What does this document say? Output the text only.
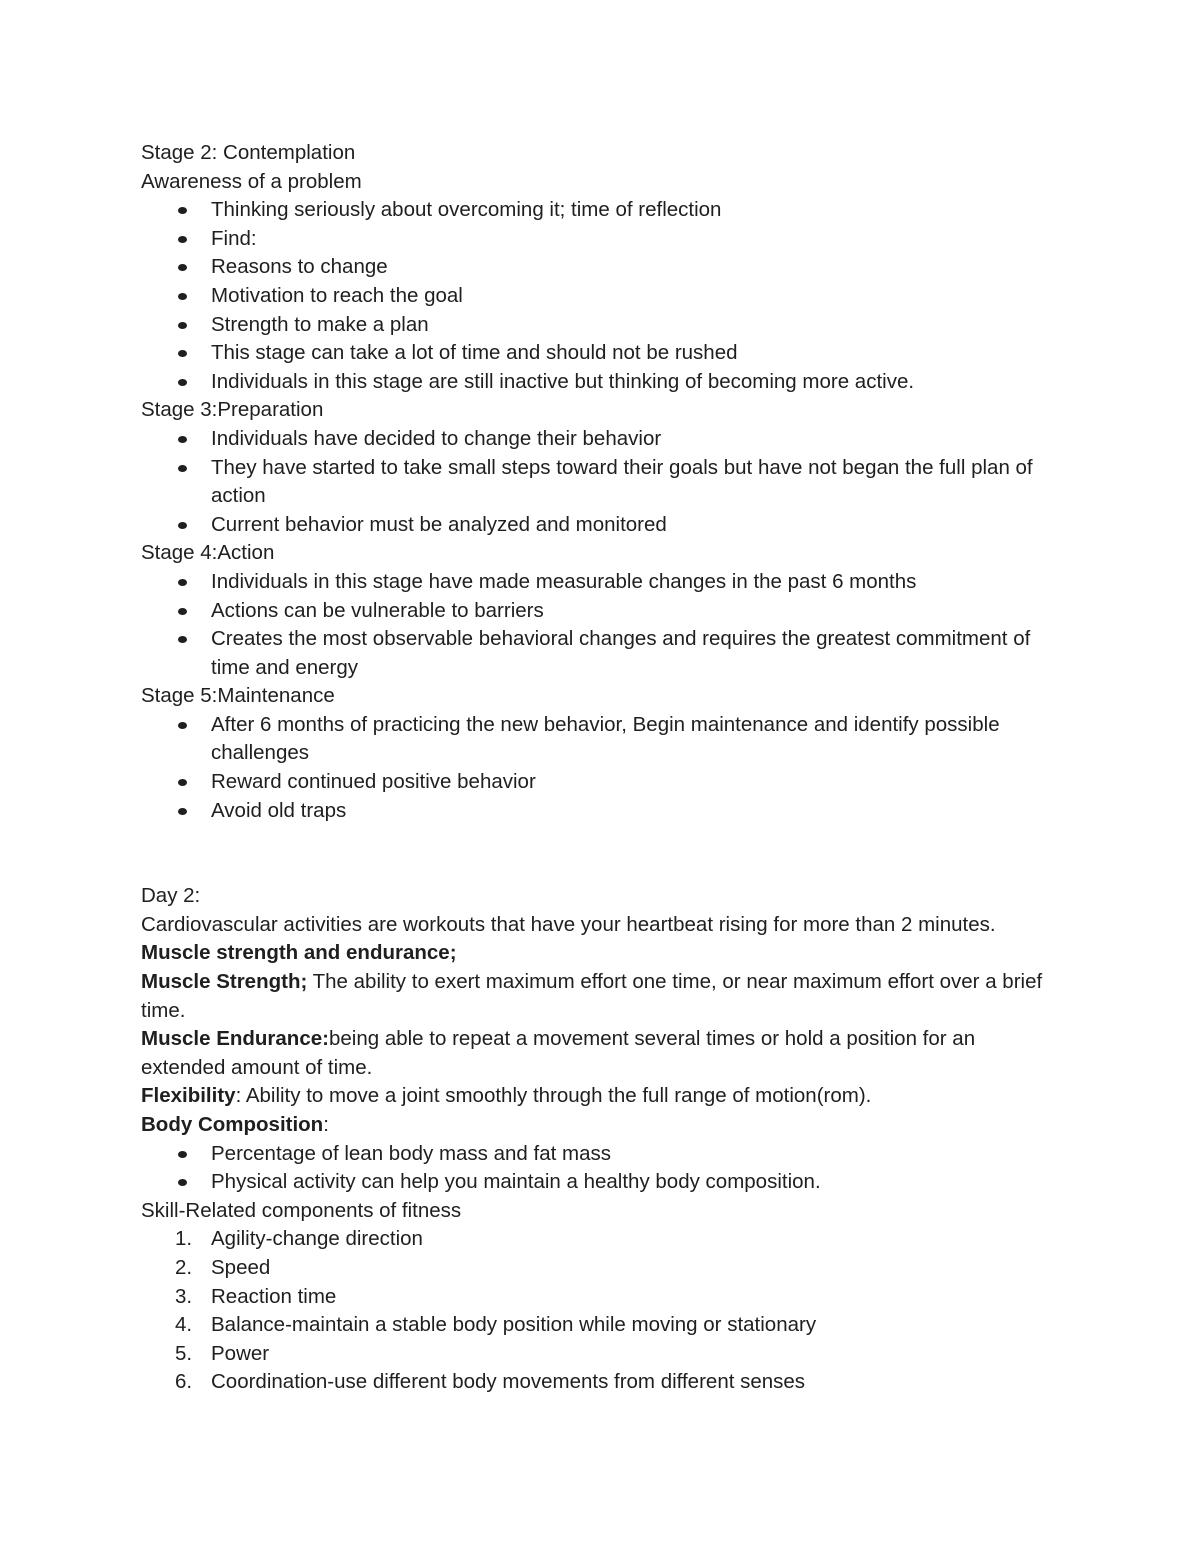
Stage 2: Contemplation

Awareness of a problem

Thinking seriously about overcoming it; time of reflection
Find:
Reasons to change
Motivation to reach the goal
Strength to make a plan
This stage can take a lot of time and should not be rushed
Individuals in this stage are still inactive but thinking of becoming more active.

Stage 3:Preparation

Individuals have decided to change their behavior
They have started to take small steps toward their goals but have not began the full plan of action
Current behavior must be analyzed and monitored

Stage 4:Action

Individuals in this stage have made measurable changes in the past 6 months
Actions can be vulnerable to barriers
Creates the most observable behavioral changes and requires the greatest commitment of time and energy

Stage 5:Maintenance

After 6 months of practicing the new behavior, Begin maintenance and identify possible challenges
Reward continued positive behavior
Avoid old traps

Day 2:

Cardiovascular activities are workouts that have your heartbeat rising for more than 2 minutes.

Muscle strength and endurance;

Muscle Strength; The ability to exert maximum effort one time, or near maximum effort over a brief time.

Muscle Endurance:being able to repeat a movement several times or hold a position for an extended amount of time.

Flexibility: Ability to move a joint smoothly through the full range of motion(rom).

Body Composition:

Percentage of lean body mass and fat mass
Physical activity can help you maintain a healthy body composition.

Skill-Related components of fitness

1. Agility-change direction
2. Speed
3. Reaction time
4. Balance-maintain a stable body position while moving or stationary
5. Power
6. Coordination-use different body movements from different senses
